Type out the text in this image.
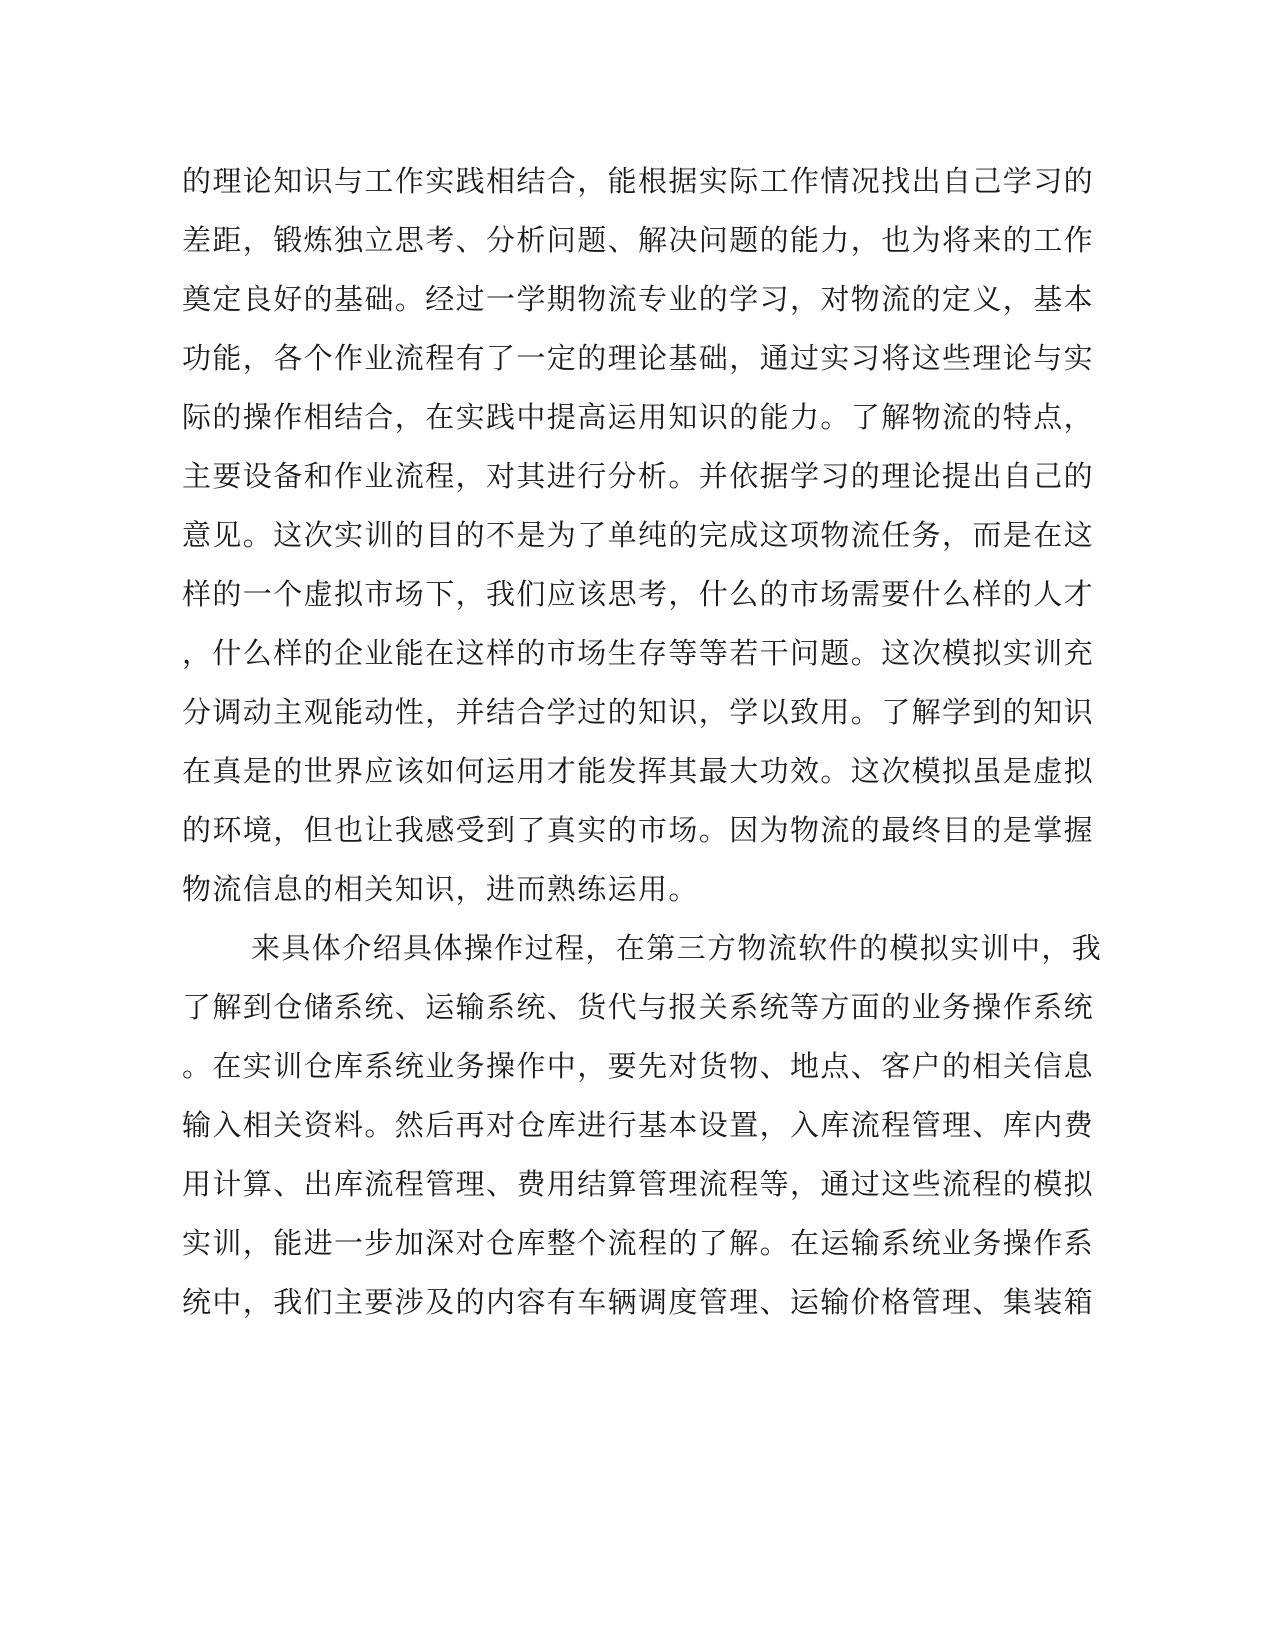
的理论知识与工作实践相结合，能根据实际工作情况找出自己学习的
差距，锻炼独立思考、分析问题、解决问题的能力，也为将来的工作
奠定良好的基础。经过一学期物流专业的学习，对物流的定义，基本
功能，各个作业流程有了一定的理论基础，通过实习将这些理论与实
际的操作相结合，在实践中提高运用知识的能力。了解物流的特点，
主要设备和作业流程，对其进行分析。并依据学习的理论提出自己的
意见。这次实训的目的不是为了单纯的完成这项物流任务，而是在这
样的一个虚拟市场下，我们应该思考，什么的市场需要什么样的人才
，什么样的企业能在这样的市场生存等等若干问题。这次模拟实训充
分调动主观能动性，并结合学过的知识，学以致用。了解学到的知识
在真是的世界应该如何运用才能发挥其最大功效。这次模拟虽是虚拟
的环境，但也让我感受到了真实的市场。因为物流的最终目的是掌握
物流信息的相关知识，进而熟练运用。
来具体介绍具体操作过程，在第三方物流软件的模拟实训中，我
了解到仓储系统、运输系统、货代与报关系统等方面的业务操作系统
。在实训仓库系统业务操作中，要先对货物、地点、客户的相关信息
输入相关资料。然后再对仓库进行基本设置，入库流程管理、库内费
用计算、出库流程管理、费用结算管理流程等，通过这些流程的模拟
实训，能进一步加深对仓库整个流程的了解。在运输系统业务操作系
统中，我们主要涉及的内容有车辆调度管理、运输价格管理、集装箱
